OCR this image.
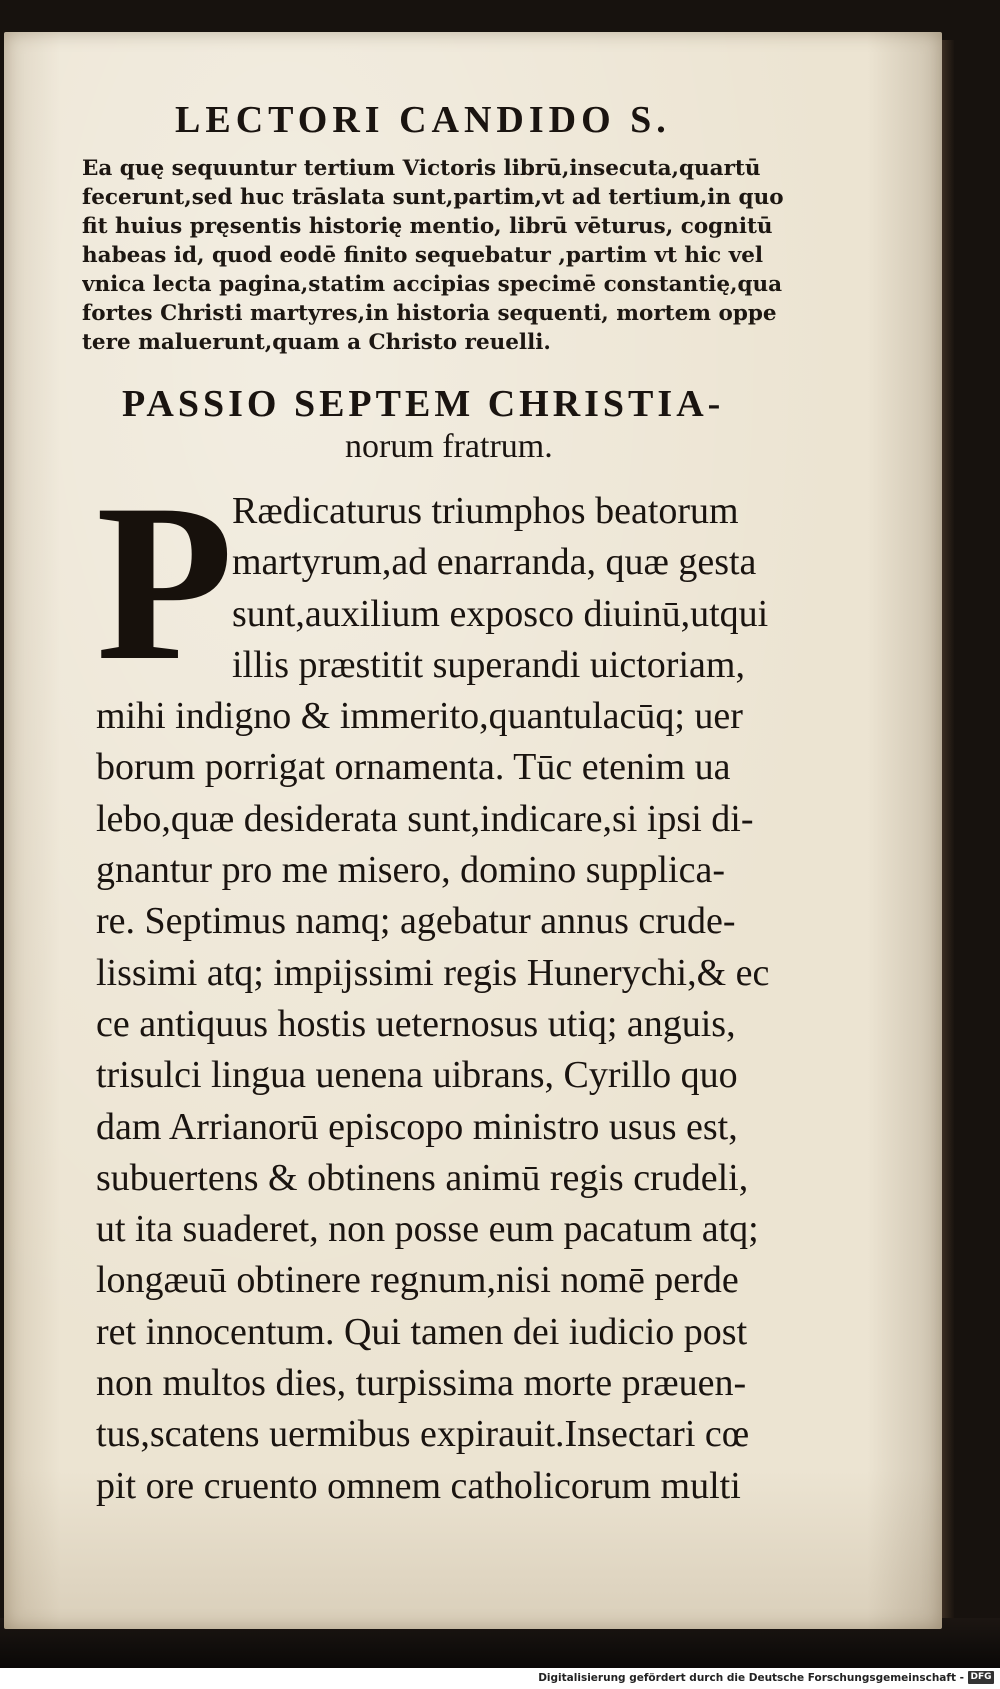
LECTORI CANDIDO S.
Ea quę sequuntur tertium Victoris librū,insecuta,quartū
fecerunt,sed huc trāslata sunt,partim,vt ad tertium,in quo
fit huius pręsentis historię mentio, librū vēturus, cognitū
habeas id, quod eodē finito sequebatur ,partim vt hic vel
vnica lecta pagina,statim accipias specimē constantię,qua
fortes Christi martyres,in historia sequenti, mortem oppe
tere maluerunt,quam a Christo reuelli.
PASSIO SEPTEM CHRISTIA-
norum fratrum.
P
Rædicaturus triumphos beatorum
martyrum,ad enarranda, quæ gesta
sunt,auxilium exposco diuinū,utqui
illis præstitit superandi uictoriam,
mihi indigno & immerito,quantulacūq; uer
borum porrigat ornamenta. Tūc etenim ua
lebo,quæ desiderata sunt,indicare,si ipsi di-
gnantur pro me misero, domino supplica-
re. Septimus namq; agebatur annus crude-
lissimi atq; impijssimi regis Hunerychi,& ec
ce antiquus hostis ueternosus utiq; anguis,
trisulci lingua uenena uibrans, Cyrillo quo
dam Arrianorū episcopo ministro usus est,
subuertens & obtinens animū regis crudeli,
ut ita suaderet, non posse eum pacatum atq;
longæuū obtinere regnum,nisi nomē perde
ret innocentum. Qui tamen dei iudicio post
non multos dies, turpissima morte præuen-
tus,scatens uermibus expirauit.Insectari cœ
pit ore cruento omnem catholicorum multi
Digitalisierung gefördert durch die Deutsche Forschungsgemeinschaft - DFG
